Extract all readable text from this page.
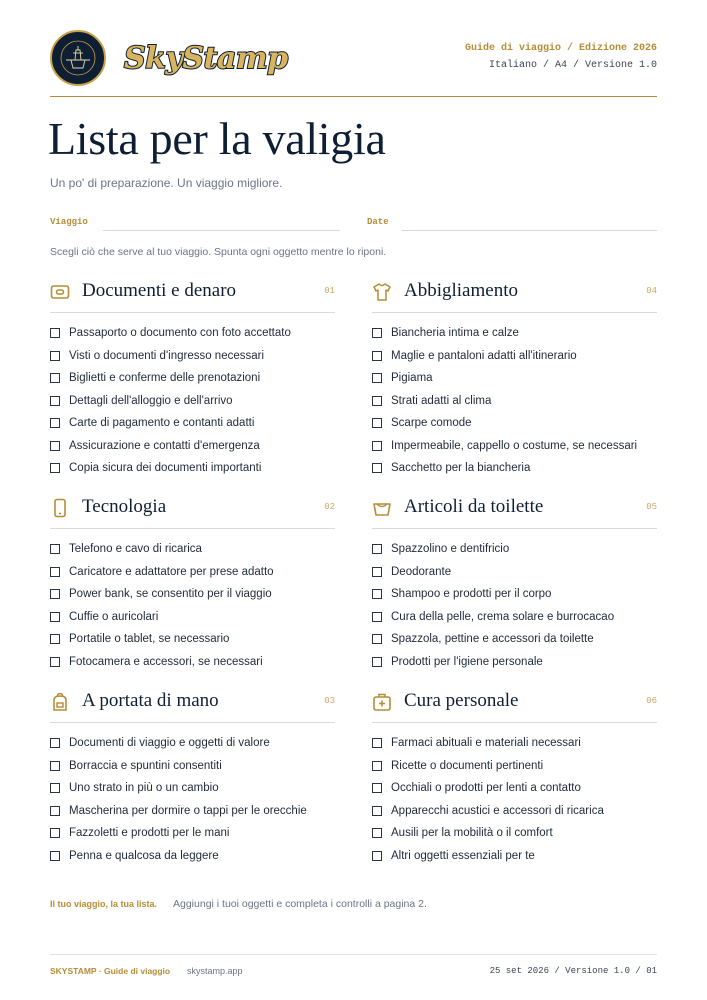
SkyStamp	Guide di viaggio / Edizione 2026
Italiano / A4 / Versione 1.0
Lista per la valigia
Un po' di preparazione. Un viaggio migliore.
Viaggio	Date
Scegli ciò che serve al tuo viaggio. Spunta ogni oggetto mentre lo riponi.
Documenti e denaro	01
Passaporto o documento con foto accettato
Visti o documenti d'ingresso necessari
Biglietti e conferme delle prenotazioni
Dettagli dell'alloggio e dell'arrivo
Carte di pagamento e contanti adatti
Assicurazione e contatti d'emergenza
Copia sicura dei documenti importanti
Tecnologia	02
Telefono e cavo di ricarica
Caricatore e adattatore per prese adatto
Power bank, se consentito per il viaggio
Cuffie o auricolari
Portatile o tablet, se necessario
Fotocamera e accessori, se necessari
A portata di mano	03
Documenti di viaggio e oggetti di valore
Borraccia e spuntini consentiti
Uno strato in più o un cambio
Mascherina per dormire o tappi per le orecchie
Fazzoletti e prodotti per le mani
Penna e qualcosa da leggere
Abbigliamento	04
Biancheria intima e calze
Maglie e pantaloni adatti all'itinerario
Pigiama
Strati adatti al clima
Scarpe comode
Impermeabile, cappello o costume, se necessari
Sacchetto per la biancheria
Articoli da toilette	05
Spazzolino e dentifricio
Deodorante
Shampoo e prodotti per il corpo
Cura della pelle, crema solare e burrocacao
Spazzola, pettine e accessori da toilette
Prodotti per l'igiene personale
Cura personale	06
Farmaci abituali e materiali necessari
Ricette o documenti pertinenti
Occhiali o prodotti per lenti a contatto
Apparecchi acustici e accessori di ricarica
Ausili per la mobilità o il comfort
Altri oggetti essenziali per te
Il tuo viaggio, la tua lista. Aggiungi i tuoi oggetti e completa i controlli a pagina 2.
SKYSTAMP · Guide di viaggio skystamp.app	25 set 2026 / Versione 1.0 / 01
